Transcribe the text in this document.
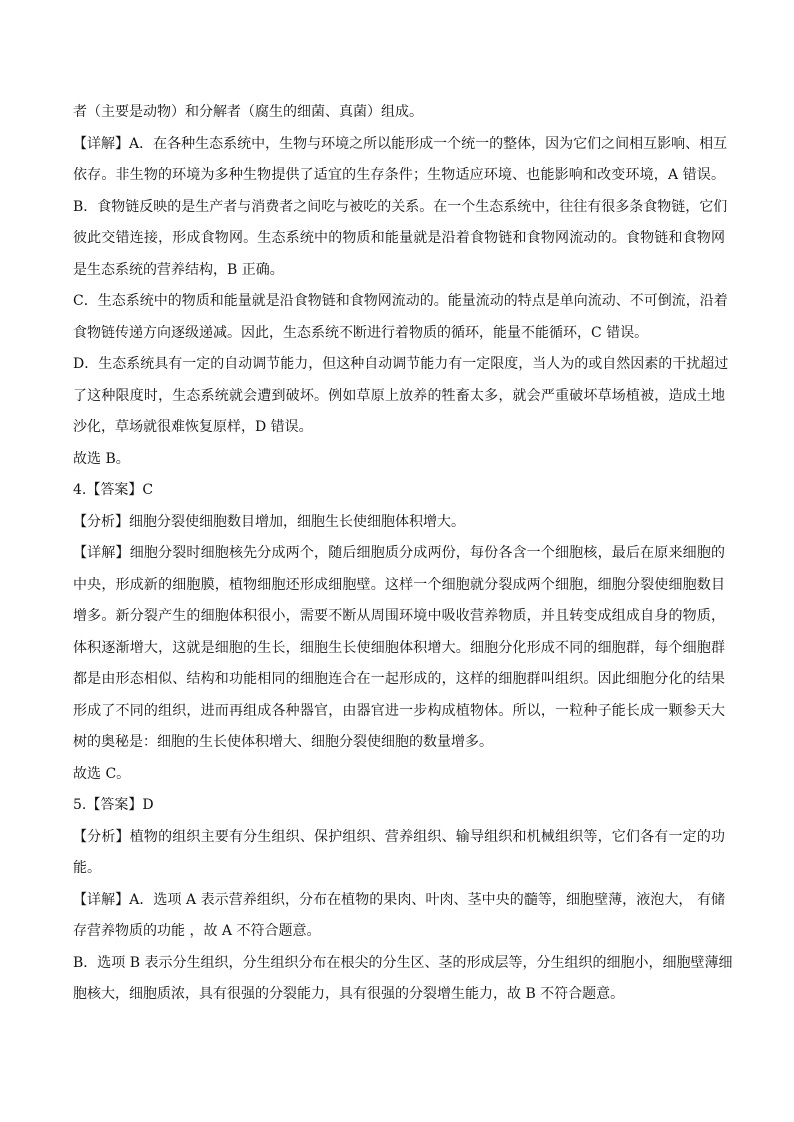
者（主要是动物）和分解者（腐生的细菌、真菌）组成。
【详解】A．在各种生态系统中，生物与环境之所以能形成一个统一的整体，因为它们之间相互影响、相互
依存。非生物的环境为多种生物提供了适宜的生存条件；生物适应环境、也能影响和改变环境，A 错误。
B．食物链反映的是生产者与消费者之间吃与被吃的关系。在一个生态系统中，往往有很多条食物链，它们
彼此交错连接，形成食物网。生态系统中的物质和能量就是沿着食物链和食物网流动的。食物链和食物网
是生态系统的营养结构，B 正确。
C．生态系统中的物质和能量就是沿食物链和食物网流动的。能量流动的特点是单向流动、不可倒流，沿着
食物链传递方向逐级递减。因此，生态系统不断进行着物质的循环，能量不能循环，C 错误。
D．生态系统具有一定的自动调节能力，但这种自动调节能力有一定限度，当人为的或自然因素的干扰超过
了这种限度时，生态系统就会遭到破坏。例如草原上放养的牲畜太多，就会严重破坏草场植被，造成土地
沙化，草场就很难恢复原样，D 错误。
故选 B。
4.【答案】C
【分析】细胞分裂使细胞数目增加，细胞生长使细胞体积增大。
【详解】细胞分裂时细胞核先分成两个，随后细胞质分成两份，每份各含一个细胞核，最后在原来细胞的
中央，形成新的细胞膜，植物细胞还形成细胞壁。这样一个细胞就分裂成两个细胞，细胞分裂使细胞数目
增多。新分裂产生的细胞体积很小，需要不断从周围环境中吸收营养物质，并且转变成组成自身的物质，
体积逐渐增大，这就是细胞的生长，细胞生长使细胞体积增大。细胞分化形成不同的细胞群，每个细胞群
都是由形态相似、结构和功能相同的细胞连合在一起形成的，这样的细胞群叫组织。因此细胞分化的结果
形成了不同的组织，进而再组成各种器官，由器官进一步构成植物体。所以，一粒种子能长成一颗参天大
树的奥秘是：细胞的生长使体积增大、细胞分裂使细胞的数量增多。
故选 C。
5.【答案】D
【分析】植物的组织主要有分生组织、保护组织、营养组织、输导组织和机械组织等，它们各有一定的功
能。
【详解】A．选项 A 表示营养组织，分布在植物的果肉、叶肉、茎中央的髓等，细胞壁薄，液泡大， 有储
存营养物质的功能 ，故 A 不符合题意。
B．选项 B 表示分生组织，分生组织分布在根尖的分生区、茎的形成层等，分生组织的细胞小，细胞壁薄细
胞核大，细胞质浓，具有很强的分裂能力，具有很强的分裂增生能力，故 B 不符合题意。
